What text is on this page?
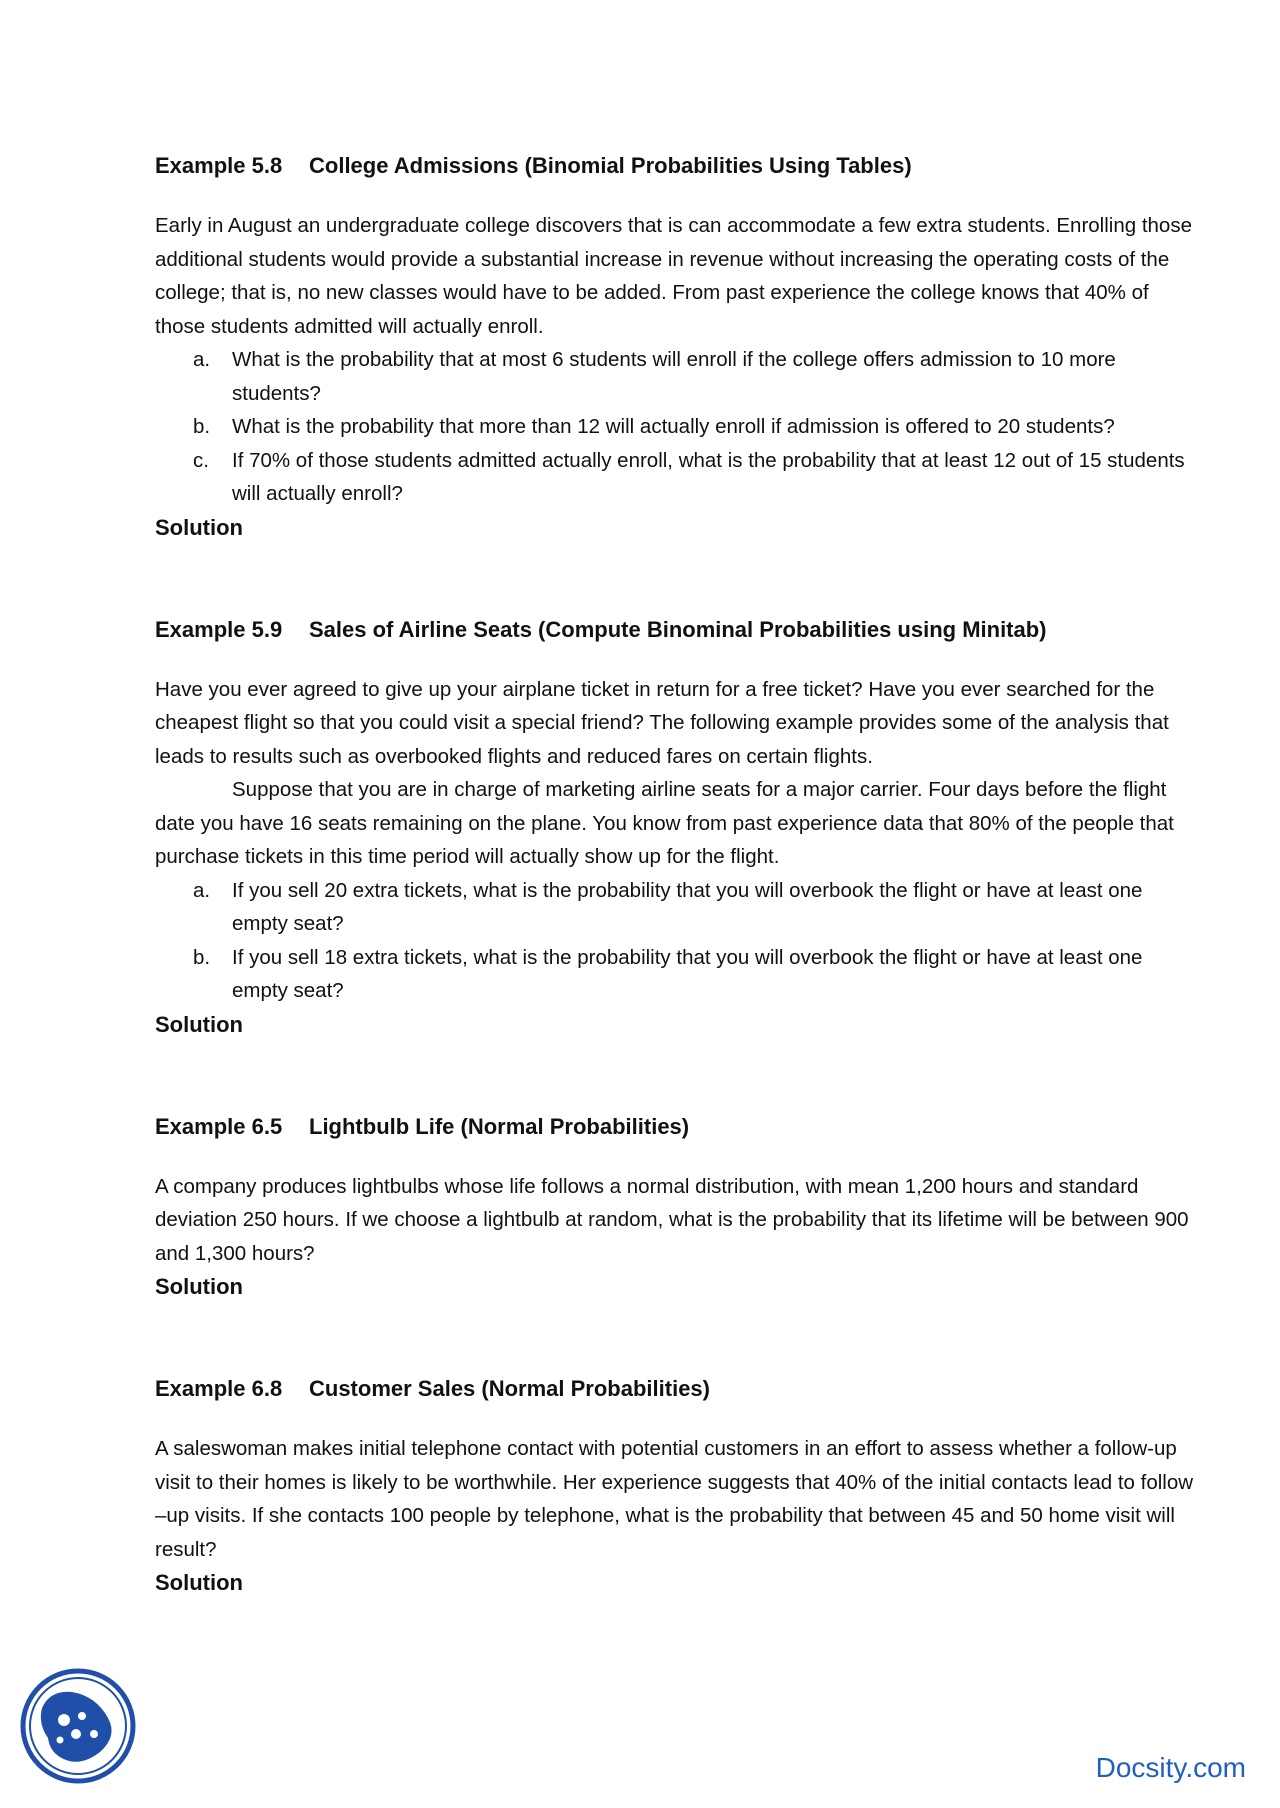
Example 5.8 College Admissions (Binomial Probabilities Using Tables)

Early in August an undergraduate college discovers that is can accommodate a few extra students. Enrolling those additional students would provide a substantial increase in revenue without increasing the operating costs of the college; that is, no new classes would have to be added. From past experience the college knows that 40% of those students admitted will actually enroll.

a. What is the probability that at most 6 students will enroll if the college offers admission to 10 more students?
b. What is the probability that more than 12 will actually enroll if admission is offered to 20 students?
c. If 70% of those students admitted actually enroll, what is the probability that at least 12 out of 15 students will actually enroll?

Solution

Example 5.9 Sales of Airline Seats (Compute Binominal Probabilities using Minitab)

Have you ever agreed to give up your airplane ticket in return for a free ticket? Have you ever searched for the cheapest flight so that you could visit a special friend? The following example provides some of the analysis that leads to results such as overbooked flights and reduced fares on certain flights.

Suppose that you are in charge of marketing airline seats for a major carrier. Four days before the flight date you have 16 seats remaining on the plane. You know from past experience data that 80% of the people that purchase tickets in this time period will actually show up for the flight.

a. If you sell 20 extra tickets, what is the probability that you will overbook the flight or have at least one empty seat?
b. If you sell 18 extra tickets, what is the probability that you will overbook the flight or have at least one empty seat?

Solution

Example 6.5 Lightbulb Life (Normal Probabilities)

A company produces lightbulbs whose life follows a normal distribution, with mean 1,200 hours and standard deviation 250 hours. If we choose a lightbulb at random, what is the probability that its lifetime will be between 900 and 1,300 hours?

Solution

Example 6.8 Customer Sales (Normal Probabilities)

A saleswoman makes initial telephone contact with potential customers in an effort to assess whether a follow-up visit to their homes is likely to be worthwhile. Her experience suggests that 40% of the initial contacts lead to follow –up visits. If she contacts 100 people by telephone, what is the probability that between 45 and 50 home visit will result?

Solution

Docsity.com
